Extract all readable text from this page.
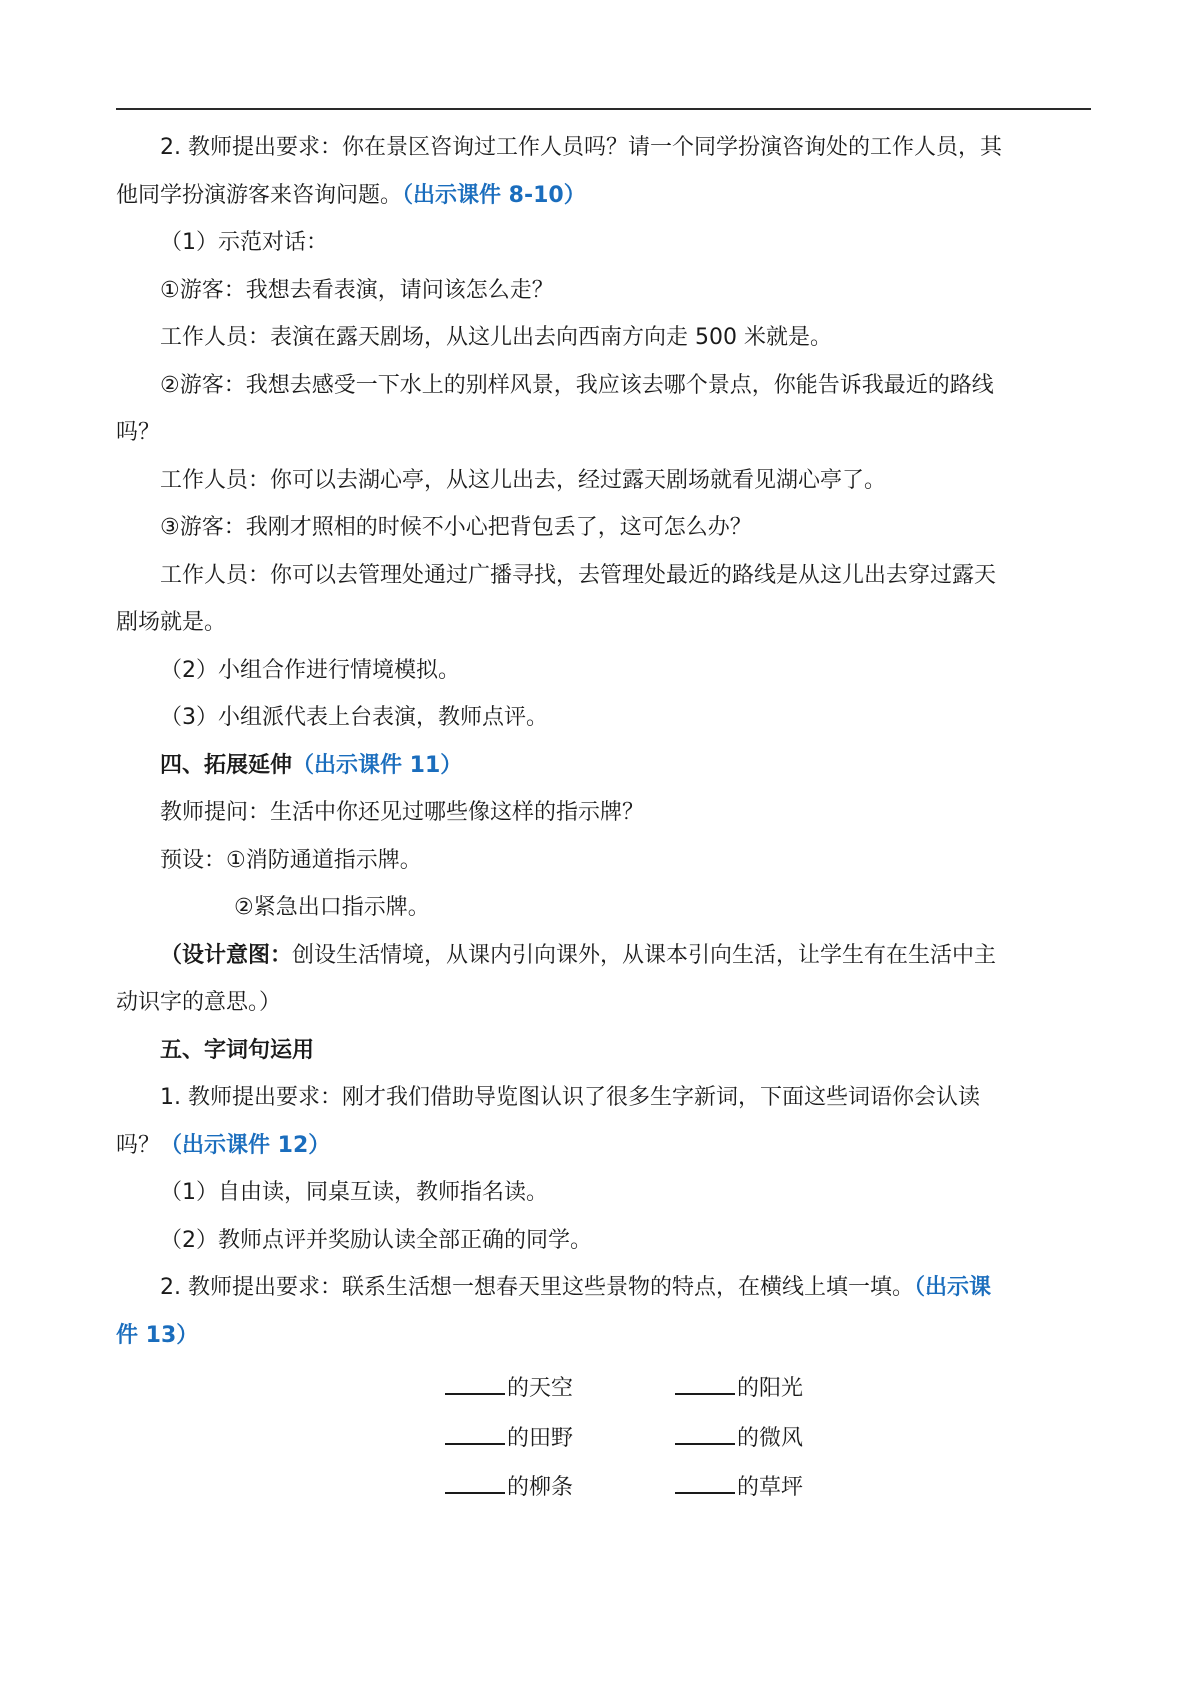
2. 教师提出要求：你在景区咨询过工作人员吗？请一个同学扮演咨询处的工作人员，其

他同学扮演游客来咨询问题。（出示课件 8-10）

（1）示范对话：

①游客：我想去看表演，请问该怎么走？

工作人员：表演在露天剧场，从这儿出去向西南方向走 500 米就是。

②游客：我想去感受一下水上的别样风景，我应该去哪个景点，你能告诉我最近的路线

吗？

工作人员：你可以去湖心亭，从这儿出去，经过露天剧场就看见湖心亭了。

③游客：我刚才照相的时候不小心把背包丢了，这可怎么办？

工作人员：你可以去管理处通过广播寻找，去管理处最近的路线是从这儿出去穿过露天

剧场就是。

（2）小组合作进行情境模拟。

（3）小组派代表上台表演，教师点评。

四、拓展延伸（出示课件 11）

教师提问：生活中你还见过哪些像这样的指示牌？

预设：①消防通道指示牌。

②紧急出口指示牌。

（设计意图：创设生活情境，从课内引向课外，从课本引向生活，让学生有在生活中主

动识字的意思。）

五、字词句运用

1. 教师提出要求：刚才我们借助导览图认识了很多生字新词，下面这些词语你会认读

吗？（出示课件 12）

（1）自由读，同桌互读，教师指名读。

（2）教师点评并奖励认读全部正确的同学。

2. 教师提出要求：联系生活想一想春天里这些景物的特点，在横线上填一填。（出示课

件 13）

的天空	的阳光
的田野	的微风
的柳条	的草坪
